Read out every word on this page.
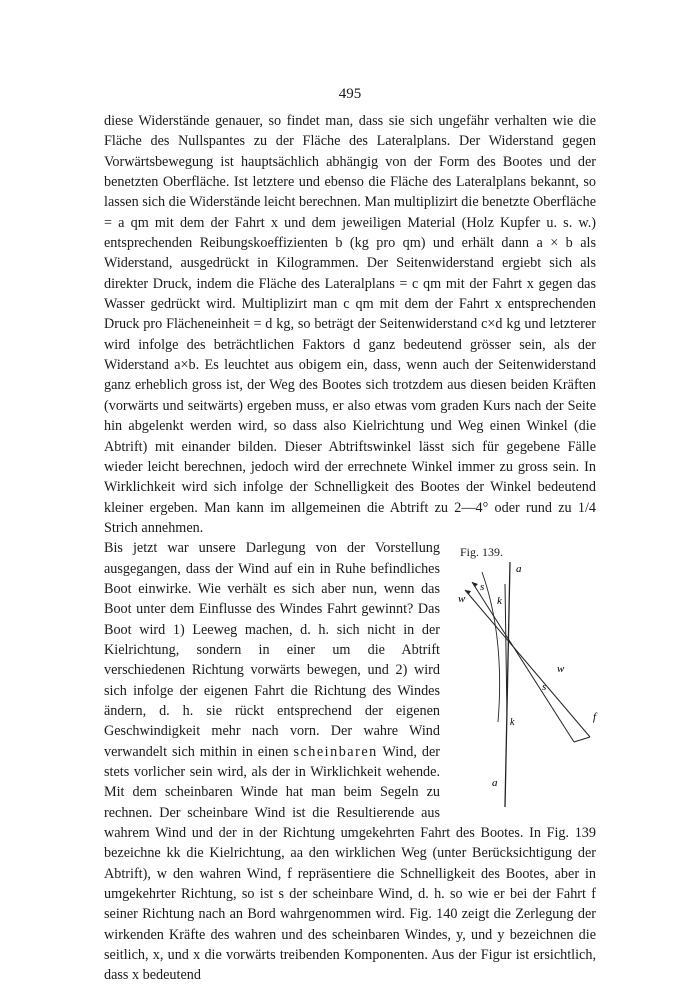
495

diese Widerstände genauer, so findet man, dass sie sich ungefähr verhalten wie die Fläche des Nullspantes zu der Fläche des Lateralplans. Der Widerstand gegen Vorwärtsbewegung ist hauptsächlich abhängig von der Form des Bootes und der benetzten Oberfläche. Ist letztere und ebenso die Fläche des Lateralplans bekannt, so lassen sich die Widerstände leicht berechnen. Man multiplizirt die benetzte Oberfläche = a qm mit dem der Fahrt x und dem jeweiligen Material (Holz Kupfer u. s. w.) entsprechenden Reibungskoeffizienten b (kg pro qm) und erhält dann a × b als Widerstand, ausgedrückt in Kilogrammen. Der Seitenwiderstand ergiebt sich als direkter Druck, indem die Fläche des Lateralplans = c qm mit der Fahrt x gegen das Wasser gedrückt wird. Multiplizirt man c qm mit dem der Fahrt x entsprechenden Druck pro Flächeneinheit = d kg, so beträgt der Seitenwiderstand c×d kg und letzterer wird infolge des beträchtlichen Faktors d ganz bedeutend grösser sein, als der Widerstand a×b. Es leuchtet aus obigem ein, dass, wenn auch der Seitenwiderstand ganz erheblich gross ist, der Weg des Bootes sich trotzdem aus diesen beiden Kräften (vorwärts und seitwärts) ergeben muss, er also etwas vom graden Kurs nach der Seite hin abgelenkt werden wird, so dass also Kielrichtung und Weg einen Winkel (die Abtrift) mit einander bilden. Dieser Abtriftswinkel lässt sich für gegebene Fälle wieder leicht berechnen, jedoch wird der errechnete Winkel immer zu gross sein. In Wirklichkeit wird sich infolge der Schnelligkeit des Bootes der Winkel bedeutend kleiner ergeben. Man kann im allgemeinen die Abtrift zu 2—4° oder rund zu 1/4 Strich annehmen.

Fig. 139.
a
a
k
k
s
s
w
w
f
Bis jetzt war unsere Darlegung von der Vorstellung ausgegangen, dass der Wind auf ein in Ruhe befindliches Boot einwirke. Wie verhält es sich aber nun, wenn das Boot unter dem Einflusse des Windes Fahrt gewinnt? Das Boot wird 1) Leeweg machen, d. h. sich nicht in der Kielrichtung, sondern in einer um die Abtrift verschiedenen Richtung vorwärts bewegen, und 2) wird sich infolge der eigenen Fahrt die Richtung des Windes ändern, d. h. sie rückt entsprechend der eigenen Geschwindigkeit mehr nach vorn. Der wahre Wind verwandelt sich mithin in einen scheinbaren Wind, der stets vorlicher sein wird, als der in Wirklichkeit wehende. Mit dem scheinbaren Winde hat man beim Segeln zu rechnen. Der scheinbare Wind ist die Resultierende aus wahrem Wind und der in der Richtung umgekehrten Fahrt des Bootes. In Fig. 139 bezeichne kk die Kielrichtung, aa den wirklichen Weg (unter Berücksichtigung der Abtrift), w den wahren Wind, f repräsentiere die Schnelligkeit des Bootes, aber in umgekehrter Richtung, so ist s der scheinbare Wind, d. h. so wie er bei der Fahrt f seiner Richtung nach an Bord wahrgenommen wird. Fig. 140 zeigt die Zerlegung der wirkenden Kräfte des wahren und des scheinbaren Windes, y, und y bezeichnen die seitlich, x, und x die vorwärts treibenden Komponenten. Aus der Figur ist ersichtlich, dass x bedeutend
